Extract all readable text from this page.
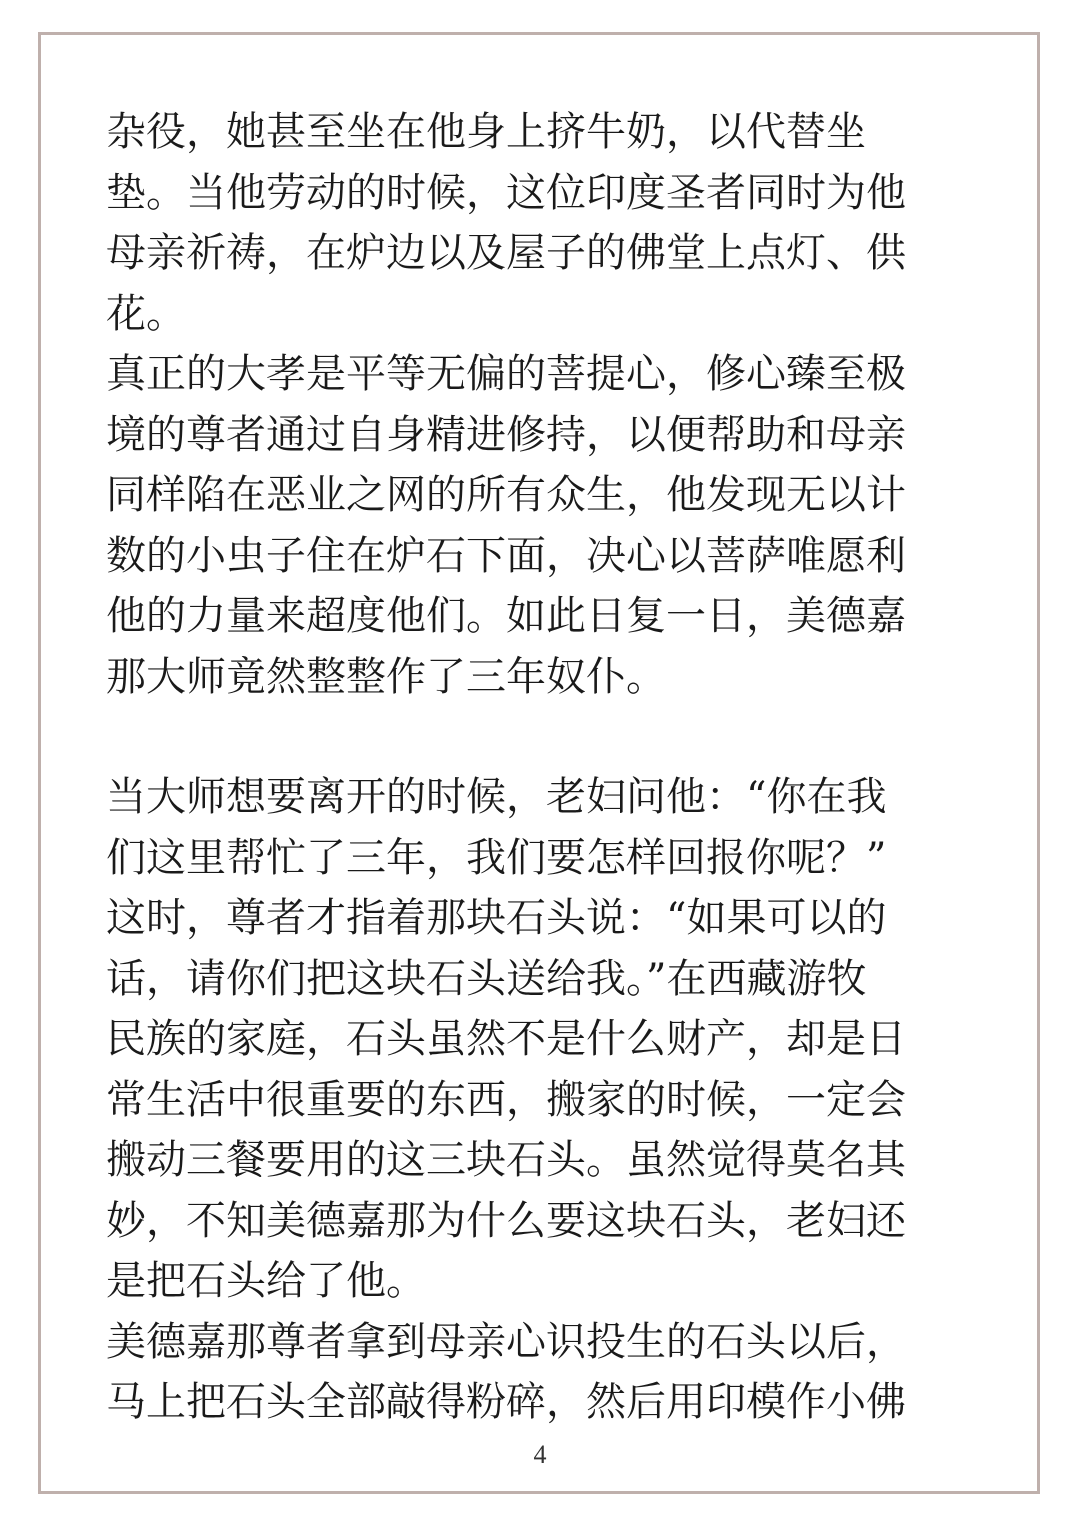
杂役，她甚至坐在他身上挤牛奶，以代替坐
垫。当他劳动的时候，这位印度圣者同时为他
母亲祈祷，在炉边以及屋子的佛堂上点灯、供
花。
真正的大孝是平等无偏的菩提心，修心臻至极
境的尊者通过自身精进修持，以便帮助和母亲
同样陷在恶业之网的所有众生，他发现无以计
数的小虫子住在炉石下面，决心以菩萨唯愿利
他的力量来超度他们。如此日复一日，美德嘉
那大师竟然整整作了三年奴仆。
当大师想要离开的时候，老妇问他：“你在我
们这里帮忙了三年，我们要怎样回报你呢？”
这时，尊者才指着那块石头说：“如果可以的
话，请你们把这块石头送给我。”在西藏游牧
民族的家庭，石头虽然不是什么财产，却是日
常生活中很重要的东西，搬家的时候，一定会
搬动三餐要用的这三块石头。虽然觉得莫名其
妙，不知美德嘉那为什么要这块石头，老妇还
是把石头给了他。
美德嘉那尊者拿到母亲心识投生的石头以后，
马上把石头全部敲得粉碎，然后用印模作小佛
4
